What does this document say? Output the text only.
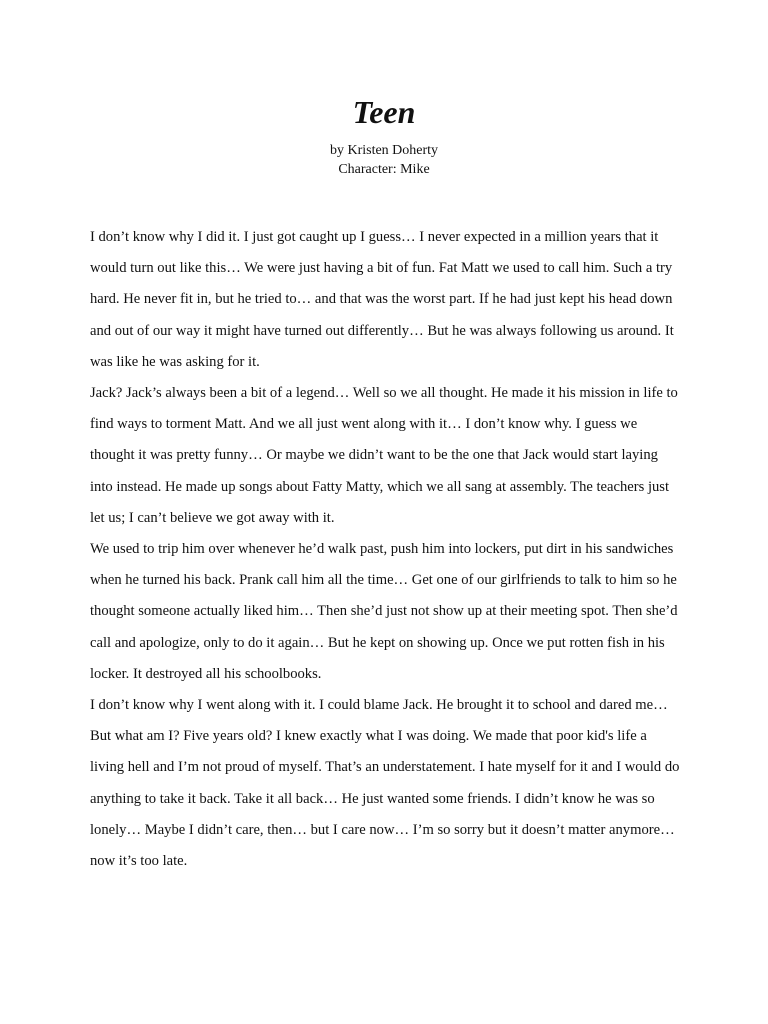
Teen
by Kristen Doherty
Character: Mike

I don’t know why I did it. I just got caught up I guess… I never expected in a million years that it would turn out like this… We were just having a bit of fun. Fat Matt we used to call him. Such a try hard. He never fit in, but he tried to… and that was the worst part. If he had just kept his head down and out of our way it might have turned out differently… But he was always following us around. It was like he was asking for it.

Jack? Jack’s always been a bit of a legend… Well so we all thought. He made it his mission in life to find ways to torment Matt. And we all just went along with it… I don’t know why. I guess we thought it was pretty funny… Or maybe we didn’t want to be the one that Jack would start laying into instead. He made up songs about Fatty Matty, which we all sang at assembly. The teachers just let us; I can’t believe we got away with it.

We used to trip him over whenever he’d walk past, push him into lockers, put dirt in his sandwiches when he turned his back. Prank call him all the time… Get one of our girlfriends to talk to him so he thought someone actually liked him… Then she’d just not show up at their meeting spot. Then she’d call and apologize, only to do it again… But he kept on showing up. Once we put rotten fish in his locker. It destroyed all his schoolbooks.

I don’t know why I went along with it. I could blame Jack. He brought it to school and dared me… But what am I? Five years old? I knew exactly what I was doing. We made that poor kid's life a living hell and I’m not proud of myself. That’s an understatement. I hate myself for it and I would do anything to take it back. Take it all back… He just wanted some friends. I didn’t know he was so lonely… Maybe I didn’t care, then… but I care now… I’m so sorry but it doesn’t matter anymore…now it’s too late.
